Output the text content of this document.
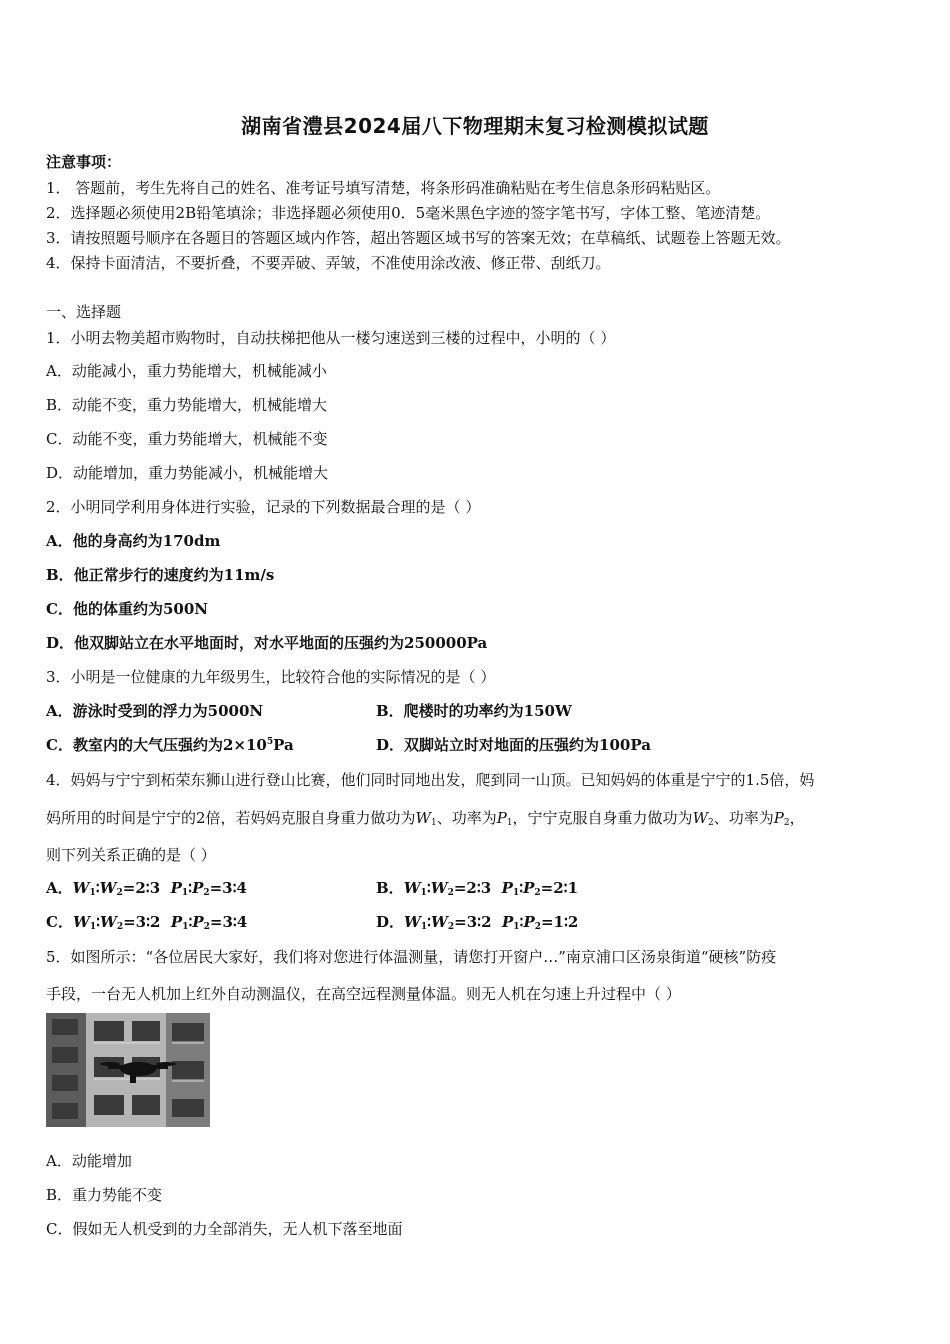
湖南省澧县2024届八下物理期末复习检测模拟试题
注意事项：
1． 答题前，考生先将自己的姓名、准考证号填写清楚，将条形码准确粘贴在考生信息条形码粘贴区。
2．选择题必须使用2B铅笔填涂；非选择题必须使用0．5毫米黑色字迹的签字笔书写，字体工整、笔迹清楚。
3．请按照题号顺序在各题目的答题区域内作答，超出答题区域书写的答案无效；在草稿纸、试题卷上答题无效。
4．保持卡面清洁，不要折叠，不要弄破、弄皱，不准使用涂改液、修正带、刮纸刀。
一、选择题
1．小明去物美超市购物时，自动扶梯把他从一楼匀速送到三楼的过程中，小明的（ ）
A．动能减小，重力势能增大，机械能减小
B．动能不变，重力势能增大，机械能增大
C．动能不变，重力势能增大，机械能不变
D．动能增加，重力势能减小，机械能增大
2．小明同学利用身体进行实验，记录的下列数据最合理的是（ ）
A．他的身高约为170dm
B．他正常步行的速度约为11m/s
C．他的体重约为500N
D．他双脚站立在水平地面时，对水平地面的压强约为250000Pa
3．小明是一位健康的九年级男生，比较符合他的实际情况的是（ ）
A．游泳时受到的浮力为5000N	B．爬楼时的功率约为150W
C．教室内的大气压强约为$2\times 10^5Pa$	D．双脚站立时对地面的压强约为100Pa
4．妈妈与宁宁到柘荣东狮山进行登山比赛，他们同时同地出发，爬到同一山顶。已知妈妈的体重是宁宁的1.5倍，妈
妈所用的时间是宁宁的2倍，若妈妈克服自身重力做功为$W_1$、功率为$P_1$，宁宁克服自身重力做功为$W_2$、功率为$P_2$，
则下列关系正确的是（ ）
A．$W_1∶W_2=2∶3$ $P_1∶P_2=3∶4$	B．$W_1∶W_2=2∶3$ $P_1∶P_2=2∶1$
C．$W_1∶W_2=3∶2$ $P_1∶P_2=3∶4$	D．$W_1∶W_2=3∶2$ $P_1∶P_2=1∶2$
5．如图所示：“各位居民大家好，我们将对您进行体温测量，请您打开窗户…”南京浦口区汤泉街道“硬核”防疫
手段，一台无人机加上红外自动测温仪，在高空远程测量体温。则无人机在匀速上升过程中（ ）
A．动能增加
B．重力势能不变
C．假如无人机受到的力全部消失，无人机下落至地面
